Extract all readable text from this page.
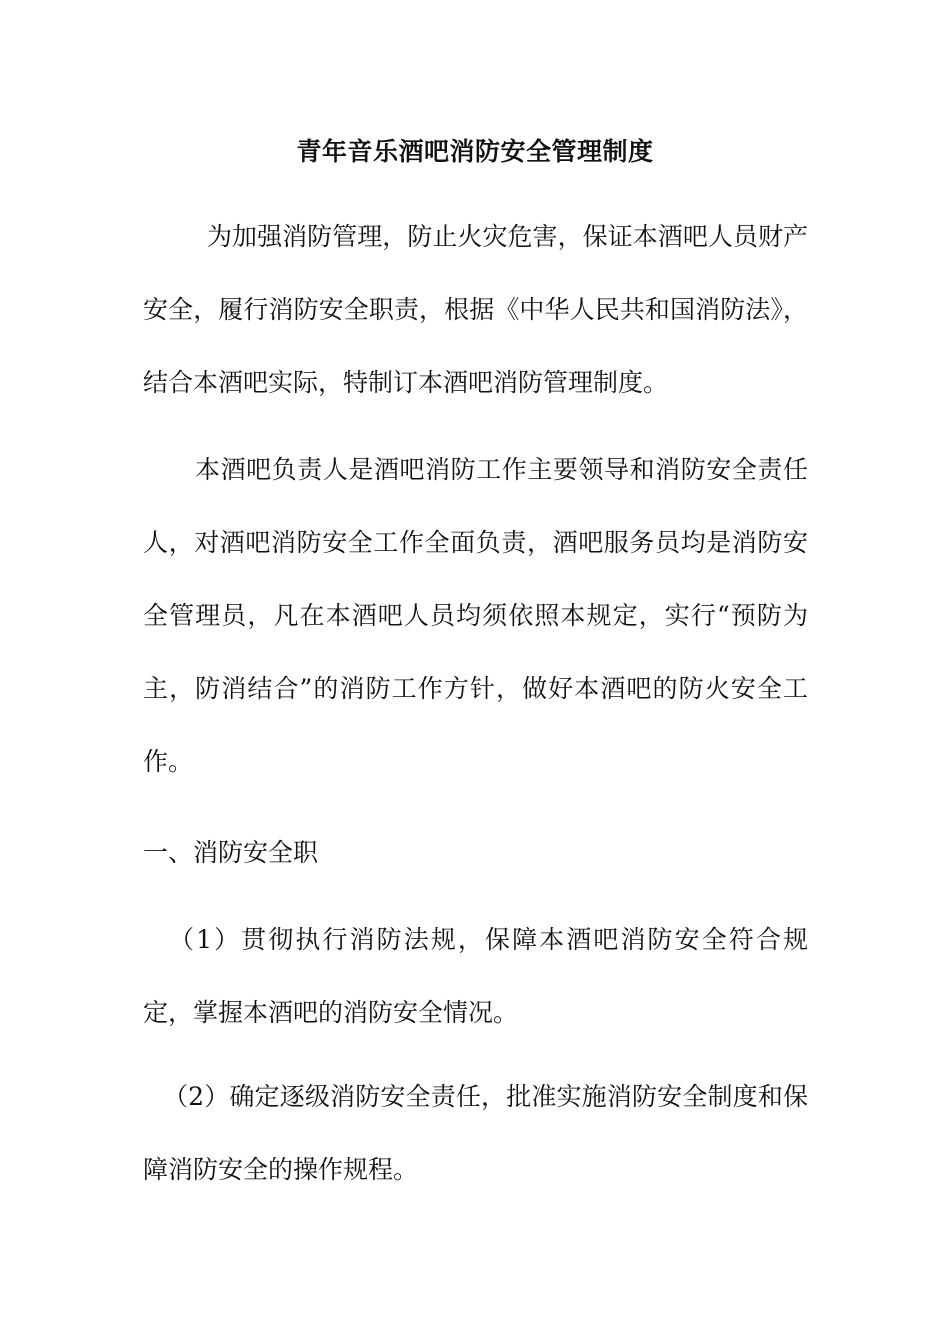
青年音乐酒吧消防安全管理制度

为加强消防管理，防止火灾危害，保证本酒吧人员财产安全，履行消防安全职责，根据《中华人民共和国消防法》，结合本酒吧实际，特制订本酒吧消防管理制度。

本酒吧负责人是酒吧消防工作主要领导和消防安全责任人，对酒吧消防安全工作全面负责，酒吧服务员均是消防安全管理员，凡在本酒吧人员均须依照本规定，实行“预防为主，防消结合”的消防工作方针，做好本酒吧的防火安全工作。

一、消防安全职

（1）贯彻执行消防法规，保障本酒吧消防安全符合规定，掌握本酒吧的消防安全情况。

（2）确定逐级消防安全责任，批准实施消防安全制度和保障消防安全的操作规程。
